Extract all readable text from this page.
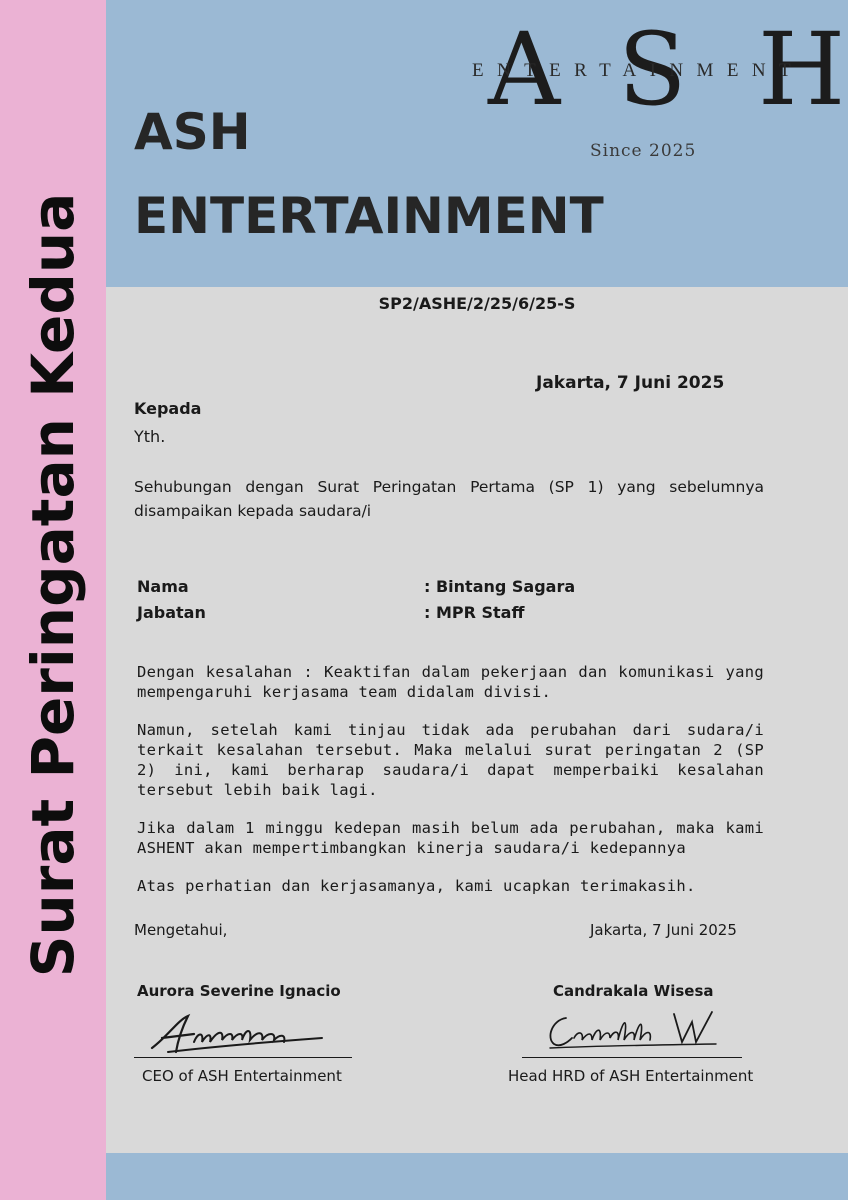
Surat Peringatan Kedua
ASH
ENTERTAINMENT
A S H
ENTERTAINMENT
Since 2025
SP2/ASHE/2/25/6/25-S
Jakarta, 7 Juni 2025
Kepada
Yth.
Sehubungan dengan Surat Peringatan Pertama (SP 1) yang sebelumnya disampaikan kepada saudara/i
Nama	: Bintang Sagara
Jabatan	: MPR Staff
Dengan kesalahan : Keaktifan dalam pekerjaan dan komunikasi yang mempengaruhi kerjasama team didalam divisi.
Namun, setelah kami tinjau tidak ada perubahan dari sudara/i terkait kesalahan tersebut. Maka melalui surat peringatan 2 (SP 2) ini, kami berharap saudara/i dapat memperbaiki kesalahan tersebut lebih baik lagi.
Jika dalam 1 minggu kedepan masih belum ada perubahan, maka kami ASHENT akan mempertimbangkan kinerja saudara/i kedepannya
Atas perhatian dan kerjasamanya, kami ucapkan terimakasih.
Mengetahui,	Jakarta, 7 Juni 2025
Aurora Severine Ignacio
CEO of ASH Entertainment
Candrakala Wisesa
Head HRD of ASH Entertainment
